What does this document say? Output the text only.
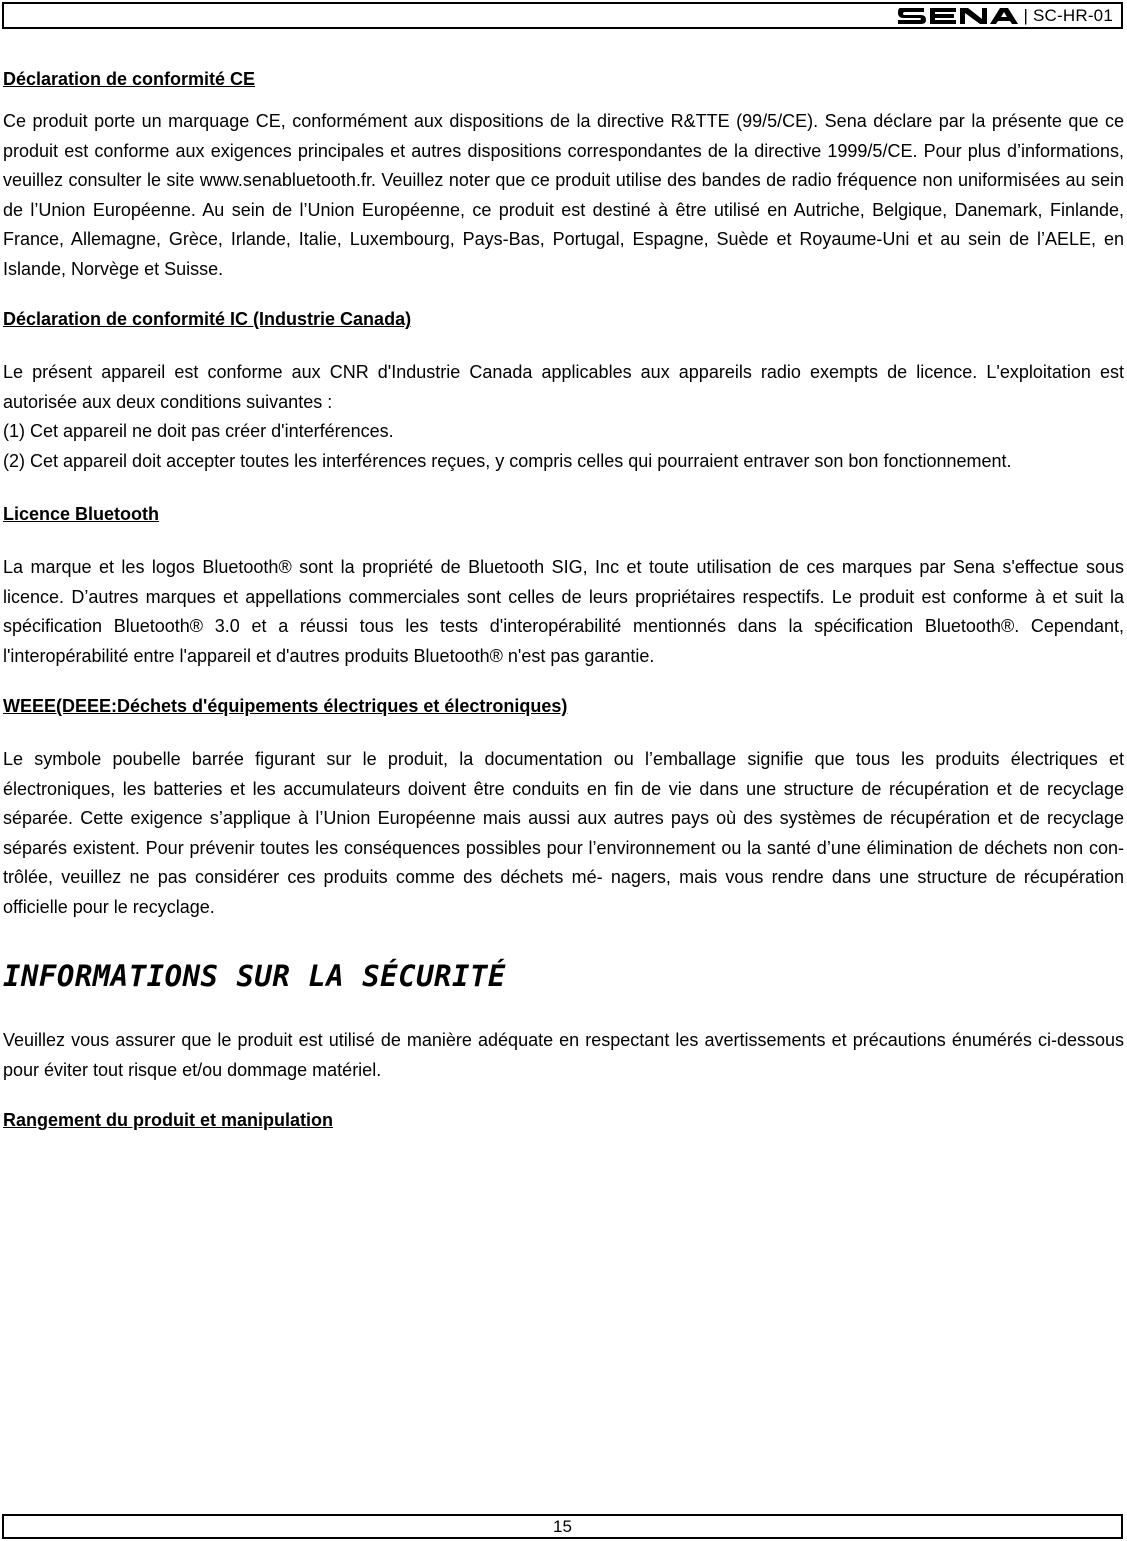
| SC-HR-01
Déclaration de conformité CE

Ce produit porte un marquage CE, conformément aux dispositions de la directive R&TTE (99/5/CE). Sena déclare par la présente que ce produit est conforme aux exigences principales et autres dispositions correspondantes de la directive 1999/5/CE. Pour plus d’informations, veuillez consulter le site www.senabluetooth.fr. Veuillez noter que ce produit utilise des bandes de radio fréquence non uniformisées au sein de l’Union Européenne. Au sein de l’Union Européenne, ce produit est destiné à être utilisé en Autriche, Belgique, Danemark, Finlande, France, Allemagne, Grèce, Irlande, Italie, Luxembourg, Pays-Bas, Portugal, Espagne, Suède et Royaume-Uni et au sein de l’AELE, en Islande, Norvège et Suisse.

Déclaration de conformité IC (Industrie Canada)

Le présent appareil est conforme aux CNR d'Industrie Canada applicables aux appareils radio exempts de licence. L'exploitation est autorisée aux deux conditions suivantes :

(1) Cet appareil ne doit pas créer d'interférences.

(2) Cet appareil doit accepter toutes les interférences reçues, y compris celles qui pourraient entraver son bon fonctionnement.

Licence Bluetooth

La marque et les logos Bluetooth® sont la propriété de Bluetooth SIG, Inc et toute utilisation de ces marques par Sena s'effectue sous licence. D’autres marques et appellations commerciales sont celles de leurs propriétaires respectifs. Le produit est conforme à et suit la spécification Bluetooth® 3.0 et a réussi tous les tests d'interopérabilité mentionnés dans la spécification Bluetooth®. Cependant, l'interopérabilité entre l'appareil et d'autres produits Bluetooth® n'est pas garantie.

WEEE(DEEE:Déchets d'équipements électriques et électroniques)

Le symbole poubelle barrée figurant sur le produit, la documentation ou l’emballage signifie que tous les produits électriques et électroniques, les batteries et les accumulateurs doivent être conduits en fin de vie dans une structure de récupération et de recyclage séparée. Cette exigence s’applique à l’Union Européenne mais aussi aux autres pays où des systèmes de récupération et de recyclage séparés existent. Pour prévenir toutes les conséquences possibles pour l’environnement ou la santé d’une élimination de déchets non con- trôlée, veuillez ne pas considérer ces produits comme des déchets mé- nagers, mais vous rendre dans une structure de récupération officielle pour le recyclage.

INFORMATIONS SUR LA SÉCURITÉ

Veuillez vous assurer que le produit est utilisé de manière adéquate en respectant les avertissements et précautions énumérés ci-dessous pour éviter tout risque et/ou dommage matériel.

Rangement du produit et manipulation
15
